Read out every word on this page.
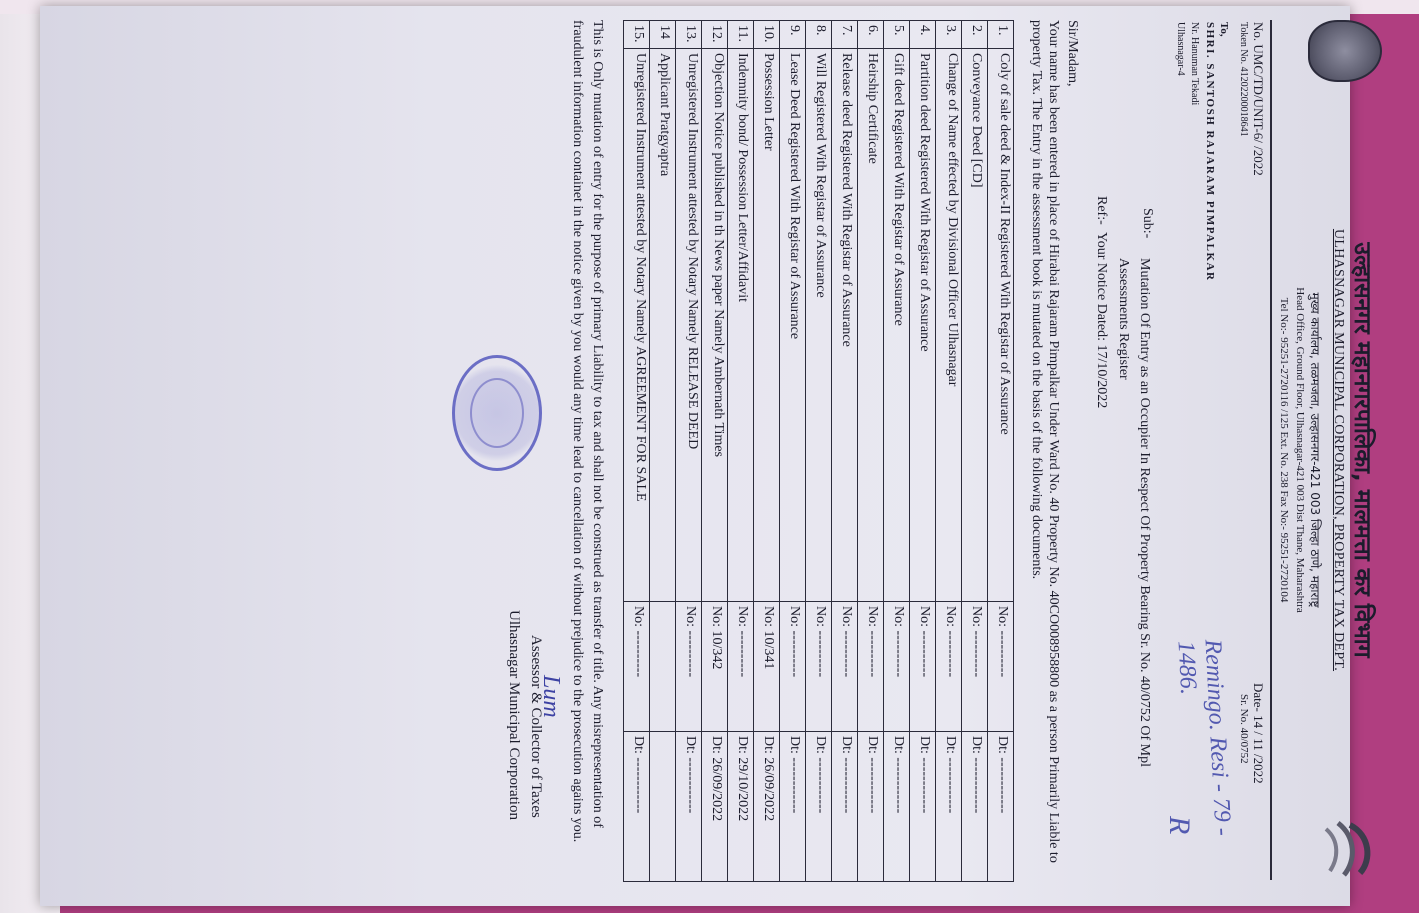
उल्हासनगर महानगरपालिका, मालमत्ता कर विभाग
ULHASNAGAR MUNICIPAL CORPORATION, PROPERTY TAX DEPT.
मुख्य कार्यालय, तळमजला, उल्हासनगर-421 003 जिल्हा ठाणे, महाराष्ट्र
Head Office, Ground Floor, Ulhasnagar-421 003 Dist Thane, Maharashtra
Tel No:- 95251-2720116 /125 Ext. No. 238 Fax No:- 95251-2720104
No. UMC/TD/UNIT-6/ /2022
Token No. 41202200018641
To,
SHRI. SANTOSH RAJARAM PIMPALKAR
Nr. Hanuman Tekadi
Ulhasnagar-4
Date- 14 / 11 /2022
Sr. No. 40/0752
Remingo. Resi - 79 - 1486.
R
Sub:-
Mutation Of Entry as an Occupier In Respect Of Property Bearing Sr. No. 40/0752 Of Mpl Assessments Register
Ref:-
Your Notice Dated: 17/10/2022
Sir/Madam,
Your name has been entered in place of Hirabai Rajaram Pimpalkar Under Ward No. 40 Property No. 40CO008958800 as a person Primarily Liable to property Tax. The Entry in the assessment book is mutated on the basis of the following documents.
1.	Coly of sale deed & Index-II Registered With Registar of Assurance	No: ----------	Dt: ------------
2.	Conveyance Deed [CD]	No: ----------	Dt: ------------
3.	Change of Name effected by Divisional Officer Ulhasnagar	No: ----------	Dt: ------------
4.	Partition deed Registered With Registar of Assurance	No: ----------	Dt: ------------
5.	Gift deed Registered With Registar of Assurance	No: ----------	Dt: ------------
6.	Heirship Certificate	No: ----------	Dt: ------------
7.	Release deed Registered With Registar of Assurance	No: ----------	Dt: ------------
8.	Will Registered With Registar of Assurance	No: ----------	Dt: ------------
9.	Lease Deed Registered With Registar of Assurance	No: ----------	Dt: ------------
10.	Possession Letter	No: 10/341	Dt: 26/09/2022
11.	Indemnity bond/ Possession Letter/Affidavit	No: ----------	Dt: 29/10/2022
12.	Objection Notice published in th News paper Namely Ambernath Times	No: 10/342	Dt: 26/09/2022
13.	Unregistered Instrument attested by Notary Namely RELEASE DEED	No: ----------	Dt: ------------
14	Applicant Pratgyaptra		
15.	Unregistered Instrument attested by Notary Namely AGREEMENT FOR SALE	No: ----------	Dt: ------------
This is Only mutation of entry for the purpose of primary Liability to tax and shall not be construed as transfer of title. Any misrepresentation of fraudulent information containet in the notice given by you would any time lead to cancellation of without prejudice to the prosecution agains you.
Lum
Assessor & Collector of Taxes
Ulhasnagar Municipal Corporation
